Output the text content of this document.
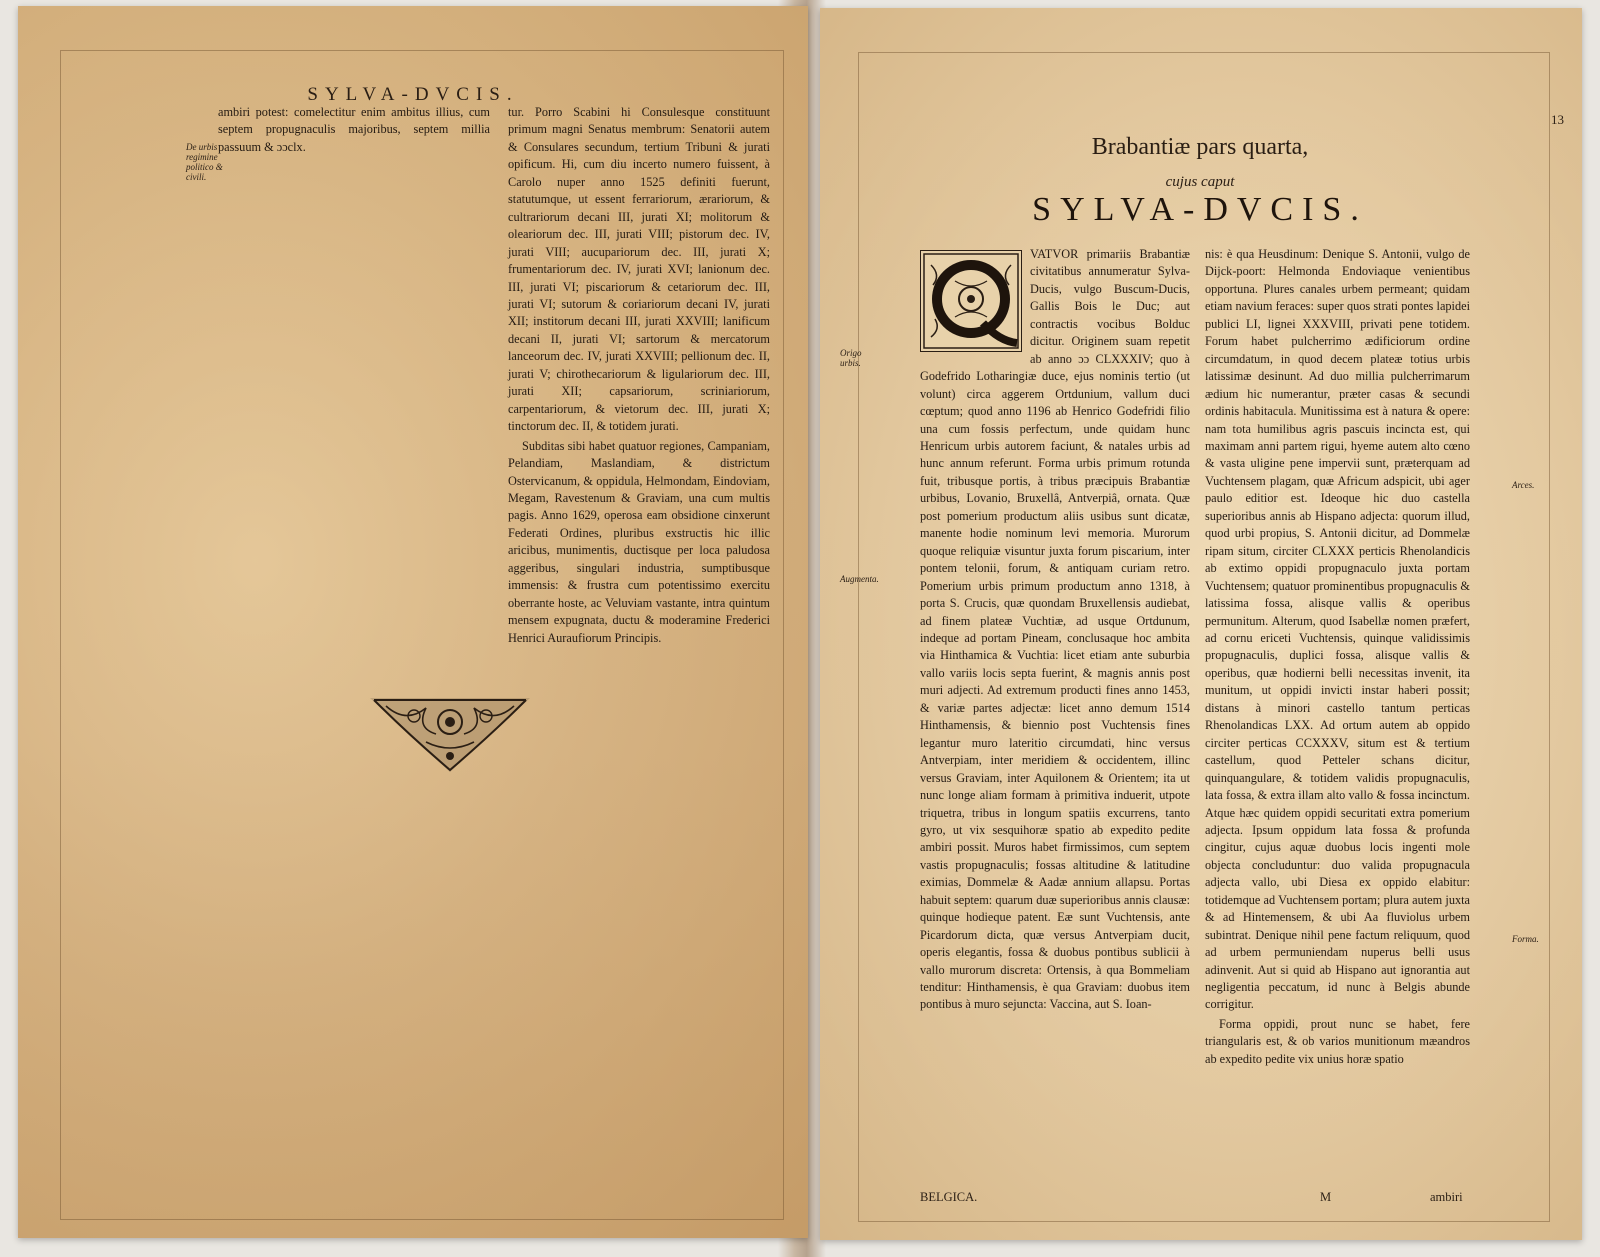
SYLVA-DVCIS.
De urbis regimine politico & civili.

ambiri potest: comelectitur enim ambitus illius, cum septem propugnaculis majoribus, septem millia passuum & ɔɔclx.

tur. Porro Scabini hi Consulesque constituunt primum magni Senatus membrum: Senatorii autem & Consulares secundum, tertium Tribuni & jurati opificum. Hi, cum diu incerto numero fuissent, à Carolo nuper anno 1525 definiti fuerunt, statutumque, ut essent ferrariorum, ærariorum, & cultrariorum decani III, jurati XI; molitorum & oleariorum dec. III, jurati VIII; pistorum dec. IV, jurati VIII; aucupariorum dec. III, jurati X; frumentariorum dec. IV, jurati XVI; lanionum dec. III, jurati VI; piscariorum & cetariorum dec. III, jurati VI; sutorum & coriariorum decani IV, jurati XII; institorum decani III, jurati XXVIII; lanificum decani II, jurati VI; sartorum & mercatorum lanceorum dec. IV, jurati XXVIII; pellionum dec. II, jurati V; chirothecariorum & ligulariorum dec. III, jurati XII; capsariorum, scriniariorum, carpentariorum, & vietorum dec. III, jurati X; tinctorum dec. II, & totidem jurati.

Subditas sibi habet quatuor regiones, Campaniam, Pelandiam, Maslandiam, & districtum Ostervicanum, & oppidula, Helmondam, Eindoviam, Megam, Ravestenum & Graviam, una cum multis pagis. Anno 1629, operosa eam obsidione cinxerunt Federati Ordines, pluribus exstructis hic illic aricibus, munimentis, ductisque per loca paludosa aggeribus, singulari industria, sumptibusque immensis: & frustra cum potentissimo exercitu oberrante hoste, ac Veluviam vastante, intra quintum mensem expugnata, ductu & moderamine Frederici Henrici Auraufiorum Principis.

13
Brabantiæ pars quarta,
cujus caput
SYLVA-DVCIS.
Origo urbis.
Augmenta.
Arces.
Forma.

VATVOR primariis Brabantiæ civitatibus annumeratur Sylva-Ducis, vulgo Buscum-Ducis, Gallis Bois le Duc; aut contractis vocibus Bolduc dicitur. Originem suam repetit ab anno ɔɔ CLXXXIV; quo à Godefrido Lotharingiæ duce, ejus nominis tertio (ut volunt) circa aggerem Ortdunium, vallum duci cœptum; quod anno 1196 ab Henrico Godefridi filio una cum fossis perfectum, unde quidam hunc Henricum urbis autorem faciunt, & natales urbis ad hunc annum referunt. Forma urbis primum rotunda fuit, tribusque portis, à tribus præcipuis Brabantiæ urbibus, Lovanio, Bruxellâ, Antverpiâ, ornata. Quæ post pomerium productum aliis usibus sunt dicatæ, manente hodie nominum levi memoria. Murorum quoque reliquiæ visuntur juxta forum piscarium, inter pontem telonii, forum, & antiquam curiam retro. Pomerium urbis primum productum anno 1318, à porta S. Crucis, quæ quondam Bruxellensis audiebat, ad finem plateæ Vuchtiæ, ad usque Ortdunum, indeque ad portam Pineam, conclusaque hoc ambita via Hinthamica & Vuchtia: licet etiam ante suburbia vallo variis locis septa fuerint, & magnis annis post muri adjecti. Ad extremum producti fines anno 1453, & variæ partes adjectæ: licet anno demum 1514 Hinthamensis, & biennio post Vuchtensis fines legantur muro lateritio circumdati, hinc versus Antverpiam, inter meridiem & occidentem, illinc versus Graviam, inter Aquilonem & Orientem; ita ut nunc longe aliam formam à primitiva induerit, utpote triquetra, tribus in longum spatiis excurrens, tanto gyro, ut vix sesquihoræ spatio ab expedito pedite ambiri possit. Muros habet firmissimos, cum septem vastis propugnaculis; fossas altitudine & latitudine eximias, Dommelæ & Aadæ annium allapsu. Portas habuit septem: quarum duæ superioribus annis clausæ: quinque hodieque patent. Eæ sunt Vuchtensis, ante Picardorum dicta, quæ versus Antverpiam ducit, operis elegantis, fossa & duobus pontibus sublicii à vallo murorum discreta: Ortensis, à qua Bommeliam tenditur: Hinthamensis, è qua Graviam: duobus item pontibus à muro sejuncta: Vaccina, aut S. Ioan-

nis: è qua Heusdinum: Denique S. Antonii, vulgo de Dijck-poort: Helmonda Endoviaque venientibus opportuna. Plures canales urbem permeant; quidam etiam navium feraces: super quos strati pontes lapidei publici LI, lignei XXXVIII, privati pene totidem. Forum habet pulcherrimo ædificiorum ordine circumdatum, in quod decem plateæ totius urbis latissimæ desinunt. Ad duo millia pulcherrimarum ædium hic numerantur, præter casas & secundi ordinis habitacula. Munitissima est à natura & opere: nam tota humilibus agris pascuis incincta est, qui maximam anni partem rigui, hyeme autem alto cœno & vasta uligine pene impervii sunt, præterquam ad Vuchtensem plagam, quæ Africum adspicit, ubi ager paulo editior est. Ideoque hic duo castella superioribus annis ab Hispano adjecta: quorum illud, quod urbi propius, S. Antonii dicitur, ad Dommelæ ripam situm, circiter CLXXX perticis Rhenolandicis ab extimo oppidi propugnaculo juxta portam Vuchtensem; quatuor prominentibus propugnaculis & latissima fossa, alisque vallis & operibus permunitum. Alterum, quod Isabellæ nomen præfert, ad cornu ericeti Vuchtensis, quinque validissimis propugnaculis, duplici fossa, alisque vallis & operibus, quæ hodierni belli necessitas invenit, ita munitum, ut oppidi invicti instar haberi possit; distans à minori castello tantum perticas Rhenolandicas LXX. Ad ortum autem ab oppido circiter perticas CCXXXV, situm est & tertium castellum, quod Petteler schans dicitur, quinquangulare, & totidem validis propugnaculis, lata fossa, & extra illam alto vallo & fossa incinctum. Atque hæc quidem oppidi securitati extra pomerium adjecta. Ipsum oppidum lata fossa & profunda cingitur, cujus aquæ duobus locis ingenti mole objecta concluduntur: duo valida propugnacula adjecta vallo, ubi Diesa ex oppido elabitur: totidemque ad Vuchtensem portam; plura autem juxta & ad Hintemensem, & ubi Aa fluviolus urbem subintrat. Denique nihil pene factum reliquum, quod ad urbem permuniendam nuperus belli usus adinvenit. Aut si quid ab Hispano aut ignorantia aut negligentia peccatum, id nunc à Belgis abunde corrigitur.

Forma oppidi, prout nunc se habet, fere triangularis est, & ob varios munitionum mæandros ab expedito pedite vix unius horæ spatio

BELGICA.	M	ambiri
